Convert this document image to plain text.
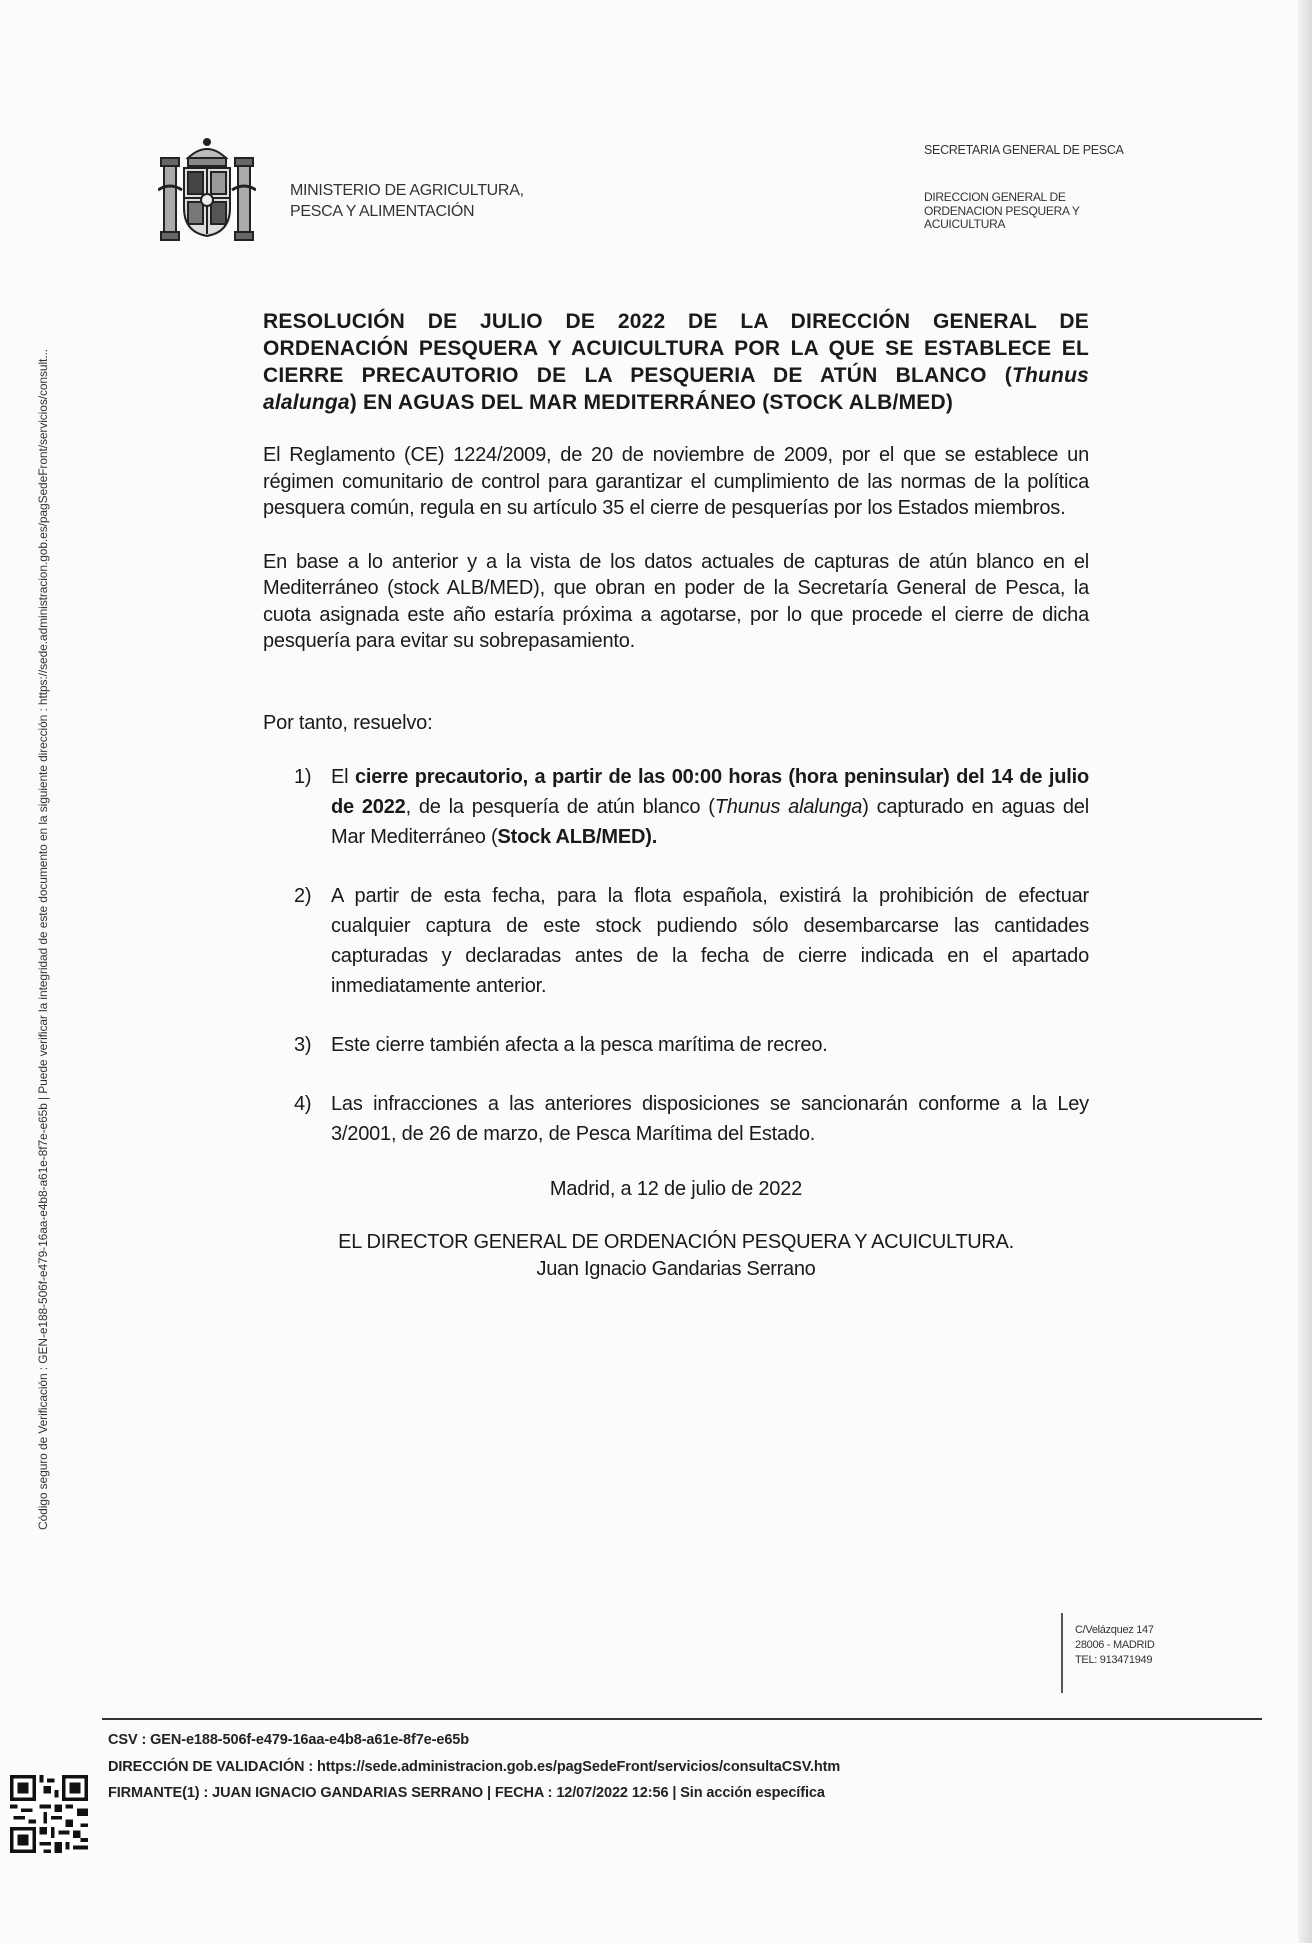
MINISTERIO DE AGRICULTURA,
PESCA Y ALIMENTACIÓN
SECRETARIA GENERAL DE PESCA
DIRECCION GENERAL DE
ORDENACION PESQUERA Y
ACUICULTURA
Código seguro de Verificación : GEN-e188-506f-e479-16aa-e4b8-a61e-8f7e-e65b | Puede verificar la integridad de este documento en la siguiente dirección : https://sede.administracion.gob.es/pagSedeFront/servicios/consult...
RESOLUCIÓN DE JULIO DE 2022 DE LA DIRECCIÓN GENERAL DE ORDENACIÓN PESQUERA Y ACUICULTURA POR LA QUE SE ESTABLECE EL CIERRE PRECAUTORIO DE LA PESQUERIA DE ATÚN BLANCO (Thunus alalunga) EN AGUAS DEL MAR MEDITERRÁNEO (STOCK ALB/MED)

El Reglamento (CE) 1224/2009, de 20 de noviembre de 2009, por el que se establece un régimen comunitario de control para garantizar el cumplimiento de las normas de la política pesquera común, regula en su artículo 35 el cierre de pesquerías por los Estados miembros.

En base a lo anterior y a la vista de los datos actuales de capturas de atún blanco en el Mediterráneo (stock ALB/MED), que obran en poder de la Secretaría General de Pesca, la cuota asignada este año estaría próxima a agotarse, por lo que procede el cierre de dicha pesquería para evitar su sobrepasamiento.

Por tanto, resuelvo:

1) El cierre precautorio, a partir de las 00:00 horas (hora peninsular) del 14 de julio de 2022, de la pesquería de atún blanco (Thunus alalunga) capturado en aguas del Mar Mediterráneo (Stock ALB/MED).
2) A partir de esta fecha, para la flota española, existirá la prohibición de efectuar cualquier captura de este stock pudiendo sólo desembarcarse las cantidades capturadas y declaradas antes de la fecha de cierre indicada en el apartado inmediatamente anterior.
3) Este cierre también afecta a la pesca marítima de recreo.
4) Las infracciones a las anteriores disposiciones se sancionarán conforme a la Ley 3/2001, de 26 de marzo, de Pesca Marítima del Estado.
Madrid, a 12 de julio de 2022
EL DIRECTOR GENERAL DE ORDENACIÓN PESQUERA Y ACUICULTURA.
Juan Ignacio Gandarias Serrano
C/Velázquez 147
28006 - MADRID
TEL: 913471949
CSV : GEN-e188-506f-e479-16aa-e4b8-a61e-8f7e-e65b
DIRECCIÓN DE VALIDACIÓN : https://sede.administracion.gob.es/pagSedeFront/servicios/consultaCSV.htm
FIRMANTE(1) : JUAN IGNACIO GANDARIAS SERRANO | FECHA : 12/07/2022 12:56 | Sin acción específica
